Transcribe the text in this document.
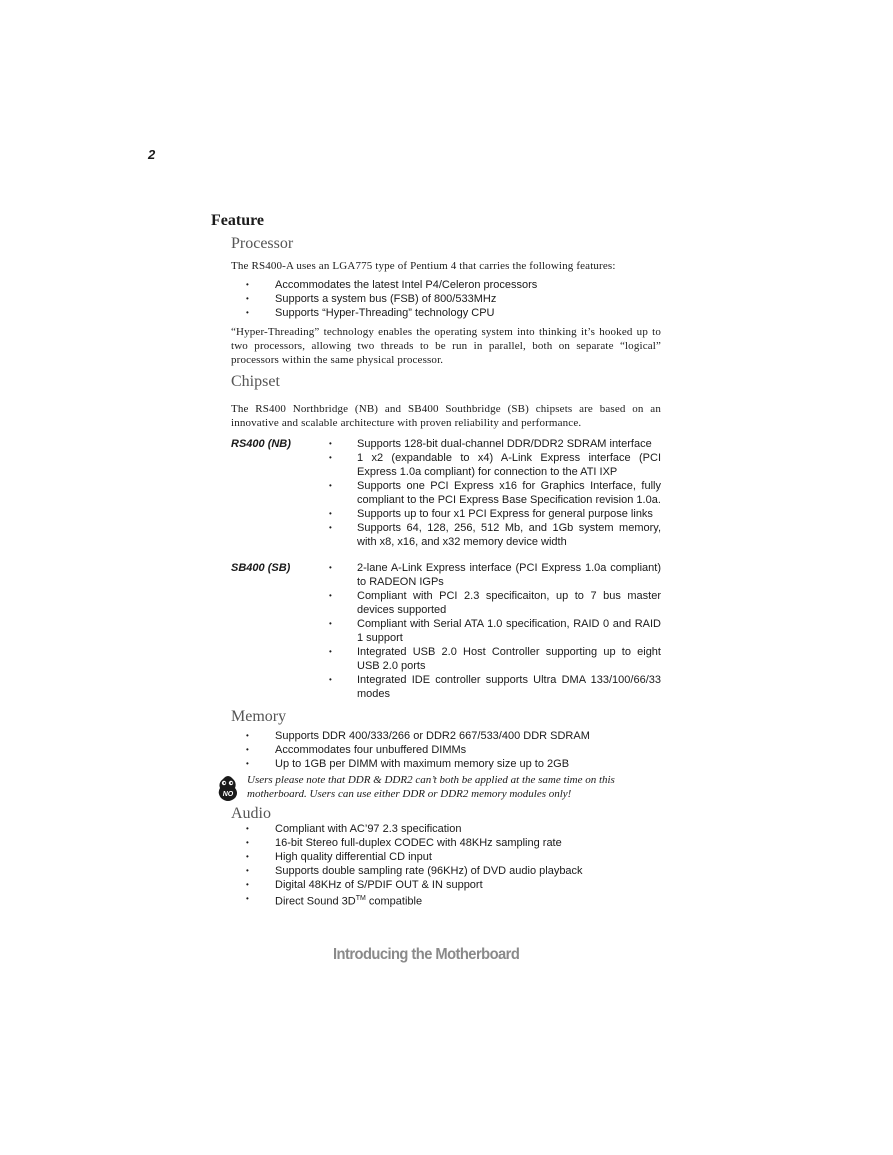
2
Feature
Processor

The RS400-A uses an LGA775 type of Pentium 4 that carries the following features:

• Accommodates the latest Intel P4/Celeron processors
• Supports a system bus (FSB) of 800/533MHz
• Supports “Hyper-Threading” technology CPU

“Hyper-Threading” technology enables the operating system into thinking it’s hooked up to two processors, allowing two threads to be run in parallel, both on separate “logical” processors within the same physical processor.

Chipset

The RS400 Northbridge (NB) and SB400 Southbridge (SB) chipsets are based on an innovative and scalable architecture with proven reliability and performance.

RS400 (NB)	• Supports 128-bit dual-channel DDR/DDR2 SDRAM interface
• 1 x2 (expandable to x4) A-Link Express interface (PCI Express 1.0a compliant) for connection to the ATI IXP
• Supports one PCI Express x16 for Graphics Interface, fully compliant to the PCI Express Base Specification revision 1.0a.
• Supports up to four x1 PCI Express for general purpose links
• Supports 64, 128, 256, 512 Mb, and 1Gb system memory, with x8, x16, and x32 memory device width
SB400 (SB)	• 2-lane A-Link Express interface (PCI Express 1.0a compliant) to RADEON IGPs
• Compliant with PCI 2.3 specificaiton, up to 7 bus master devices supported
• Compliant with Serial ATA 1.0 specification, RAID 0 and RAID 1 support
• Integrated USB 2.0 Host Controller supporting up to eight USB 2.0 ports
• Integrated IDE controller supports Ultra DMA 133/100/66/33 modes
Memory
• Supports DDR 400/333/266 or DDR2 667/533/400 DDR SDRAM
• Accommodates four unbuffered DIMMs
• Up to 1GB per DIMM with maximum memory size up to 2GB
NO
Users please note that DDR & DDR2 can’t both be applied at the same time on this motherboard. Users can use either DDR or DDR2 memory modules only!
Audio
• Compliant with AC’97 2.3 specification
• 16-bit Stereo full-duplex CODEC with 48KHz sampling rate
• High quality differential CD input
• Supports double sampling rate (96KHz) of DVD audio playback
• Digital 48KHz of S/PDIF OUT & IN support
• Direct Sound 3D™ compatible
Introducing the Motherboard
